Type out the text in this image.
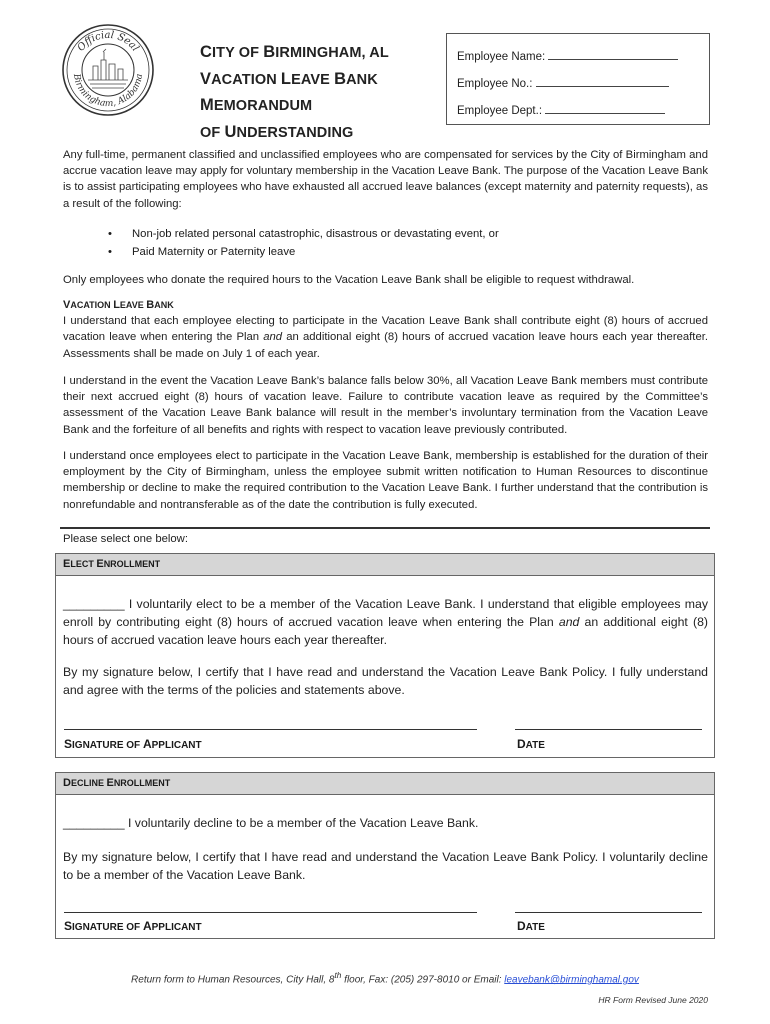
Official Seal
Birmingham, Alabama
CITY OF BIRMINGHAM, AL
VACATION LEAVE BANK
MEMORANDUM
OF UNDERSTANDING
Employee Name:
Employee No.:
Employee Dept.:
Any full-time, permanent classified and unclassified employees who are compensated for services by the City of Birmingham and accrue vacation leave may apply for voluntary membership in the Vacation Leave Bank. The purpose of the Vacation Leave Bank is to assist participating employees who have exhausted all accrued leave balances (except maternity and paternity requests), as a result of the following:
• Non-job related personal catastrophic, disastrous or devastating event, or
• Paid Maternity or Paternity leave
Only employees who donate the required hours to the Vacation Leave Bank shall be eligible to request withdrawal.
VACATION LEAVE BANK
I understand that each employee electing to participate in the Vacation Leave Bank shall contribute eight (8) hours of accrued vacation leave when entering the Plan and an additional eight (8) hours of accrued vacation leave hours each year thereafter. Assessments shall be made on July 1 of each year.
I understand in the event the Vacation Leave Bank’s balance falls below 30%, all Vacation Leave Bank members must contribute their next accrued eight (8) hours of vacation leave. Failure to contribute vacation leave as required by the Committee’s assessment of the Vacation Leave Bank balance will result in the member’s involuntary termination from the Vacation Leave Bank and the forfeiture of all benefits and rights with respect to vacation leave previously contributed.
I understand once employees elect to participate in the Vacation Leave Bank, membership is established for the duration of their employment by the City of Birmingham, unless the employee submit written notification to Human Resources to discontinue membership or decline to make the required contribution to the Vacation Leave Bank. I further understand that the contribution is nonrefundable and nontransferable as of the date the contribution is fully executed.
Please select one below:
ELECT ENROLLMENT
_________ I voluntarily elect to be a member of the Vacation Leave Bank. I understand that eligible employees may enroll by contributing eight (8) hours of accrued vacation leave when entering the Plan and an additional eight (8) hours of accrued vacation leave hours each year thereafter.
By my signature below, I certify that I have read and understand the Vacation Leave Bank Policy. I fully understand and agree with the terms of the policies and statements above.
SIGNATURE OF APPLICANT	DATE
DECLINE ENROLLMENT
_________ I voluntarily decline to be a member of the Vacation Leave Bank.
By my signature below, I certify that I have read and understand the Vacation Leave Bank Policy. I voluntarily decline to be a member of the Vacation Leave Bank.
SIGNATURE OF APPLICANT	DATE
Return form to Human Resources, City Hall, 8th floor, Fax: (205) 297-8010 or Email: leavebank@birminghamal.gov
HR Form Revised June 2020
